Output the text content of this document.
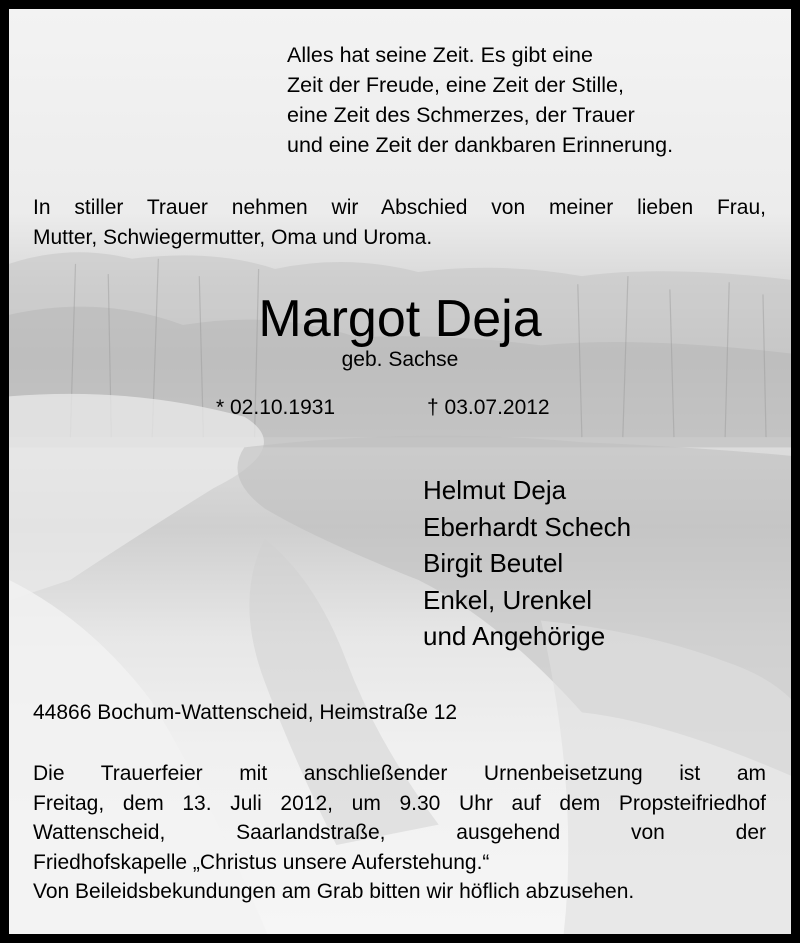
Alles hat seine Zeit. Es gibt eine
Zeit der Freude, eine Zeit der Stille,
eine Zeit des Schmerzes, der Trauer
und eine Zeit der dankbaren Erinnerung.
In stiller Trauer nehmen wir Abschied von meiner lieben Frau,
Mutter, Schwiegermutter, Oma und Uroma.
Margot Deja
geb. Sachse
* 02.10.1931	† 03.07.2012
Helmut Deja
Eberhardt Schech
Birgit Beutel
Enkel, Urenkel
und Angehörige
44866 Bochum-Wattenscheid, Heimstraße 12
Die Trauerfeier mit anschließender Urnenbeisetzung ist am
Freitag, dem 13. Juli 2012, um 9.30 Uhr auf dem Propsteifriedhof
Wattenscheid, Saarlandstraße, ausgehend von der
Friedhofskapelle „Christus unsere Auferstehung.“
Von Beileidsbekundungen am Grab bitten wir höflich abzusehen.
